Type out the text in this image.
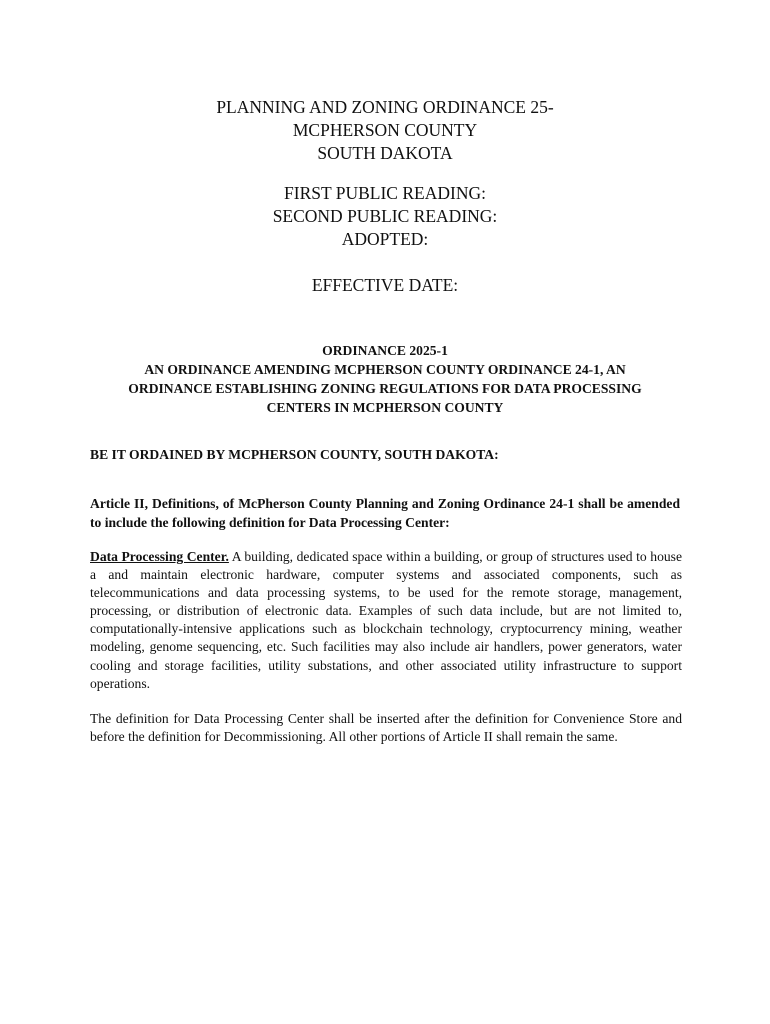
PLANNING AND ZONING ORDINANCE 25-
MCPHERSON COUNTY
SOUTH DAKOTA
FIRST PUBLIC READING:
SECOND PUBLIC READING:
ADOPTED:
EFFECTIVE DATE:
ORDINANCE 2025-1
AN ORDINANCE AMENDING MCPHERSON COUNTY ORDINANCE 24-1, AN
ORDINANCE ESTABLISHING ZONING REGULATIONS FOR DATA PROCESSING
CENTERS IN MCPHERSON COUNTY
BE IT ORDAINED BY MCPHERSON COUNTY, SOUTH DAKOTA:
Article II, Definitions, of McPherson County Planning and Zoning Ordinance 24-1 shall be amended to include the following definition for Data Processing Center:

Data Processing Center. A building, dedicated space within a building, or group of structures used to house a and maintain electronic hardware, computer systems and associated components, such as telecommunications and data processing systems, to be used for the remote storage, management, processing, or distribution of electronic data. Examples of such data include, but are not limited to, computationally-intensive applications such as blockchain technology, cryptocurrency mining, weather modeling, genome sequencing, etc. Such facilities may also include air handlers, power generators, water cooling and storage facilities, utility substations, and other associated utility infrastructure to support operations.

The definition for Data Processing Center shall be inserted after the definition for Convenience Store and before the definition for Decommissioning. All other portions of Article II shall remain the same.
